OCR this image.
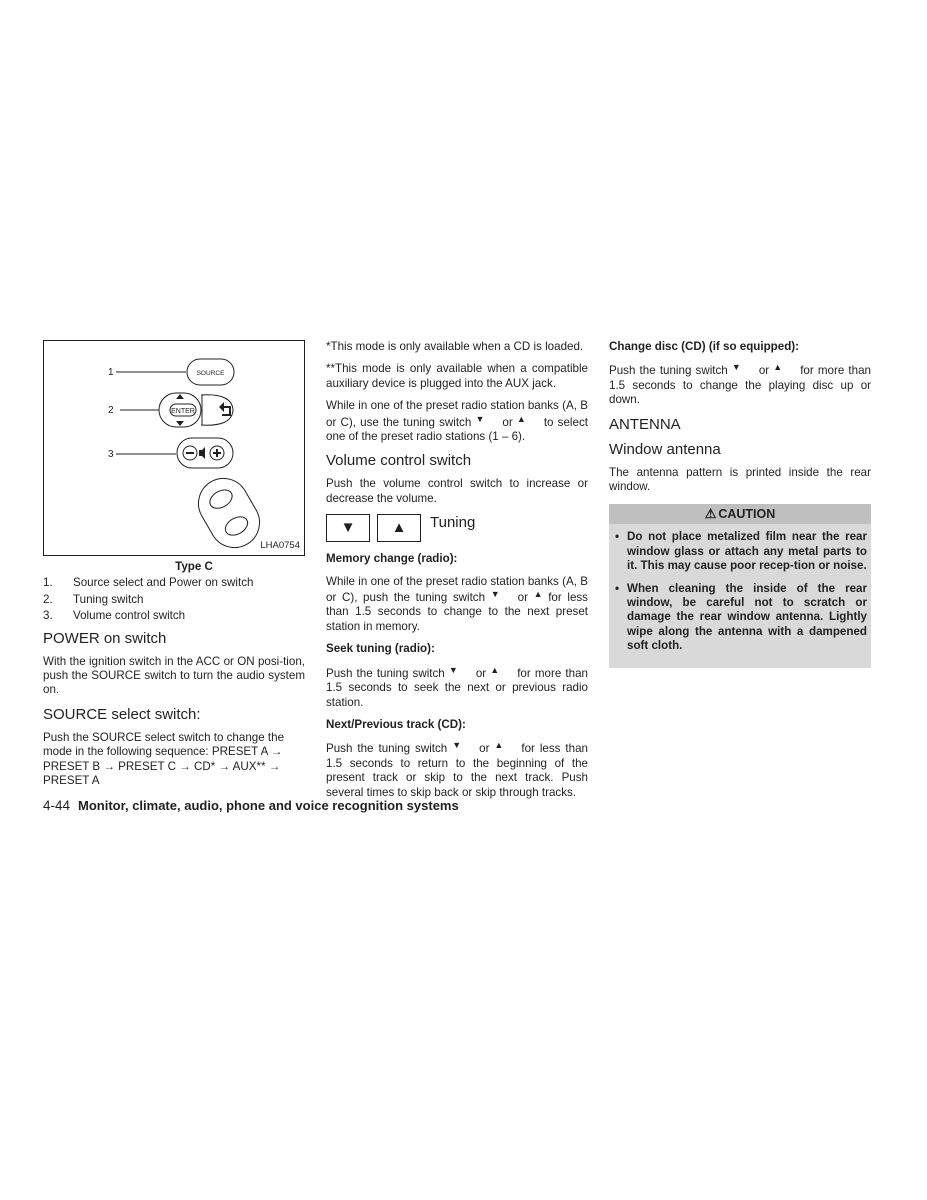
1
2
3
SOURCE
ENTER
LHA0754
Type C
1.	Source select and Power on switch
2.	Tuning switch
3.	Volume control switch
POWER on switch

With the ignition switch in the ACC or ON posi-tion, push the SOURCE switch to turn the audio system on.

SOURCE select switch:

Push the SOURCE select switch to change the mode in the following sequence: PRESET A → PRESET B → PRESET C → CD* → AUX** → PRESET A

*This mode is only available when a CD is loaded.

**This mode is only available when a compatible auxiliary device is plugged into the AUX jack.

While in one of the preset radio station banks (A, B or C), use the tuning switch ▼ or ▲ to select one of the preset radio stations (1 – 6).

Volume control switch

Push the volume control switch to increase or decrease the volume.

▼	▲	Tuning
Memory change (radio):

While in one of the preset radio station banks (A, B or C), push the tuning switch ▼ or ▲ for less than 1.5 seconds to change to the next preset station in memory.

Seek tuning (radio):

Push the tuning switch ▼ or ▲ for more than 1.5 seconds to seek the next or previous radio station.

Next/Previous track (CD):

Push the tuning switch ▼ or ▲ for less than 1.5 seconds to return to the beginning of the present track or skip to the next track. Push several times to skip back or skip through tracks.

Change disc (CD) (if so equipped):

Push the tuning switch ▼ or ▲ for more than 1.5 seconds to change the playing disc up or down.

ANTENNA
Window antenna

The antenna pattern is printed inside the rear window.

⚠ CAUTION
• Do not place metalized film near the rear window glass or attach any metal parts to it. This may cause poor recep-tion or noise.
• When cleaning the inside of the rear window, be careful not to scratch or damage the rear window antenna. Lightly wipe along the antenna with a dampened soft cloth.
4-44 Monitor, climate, audio, phone and voice recognition systems
